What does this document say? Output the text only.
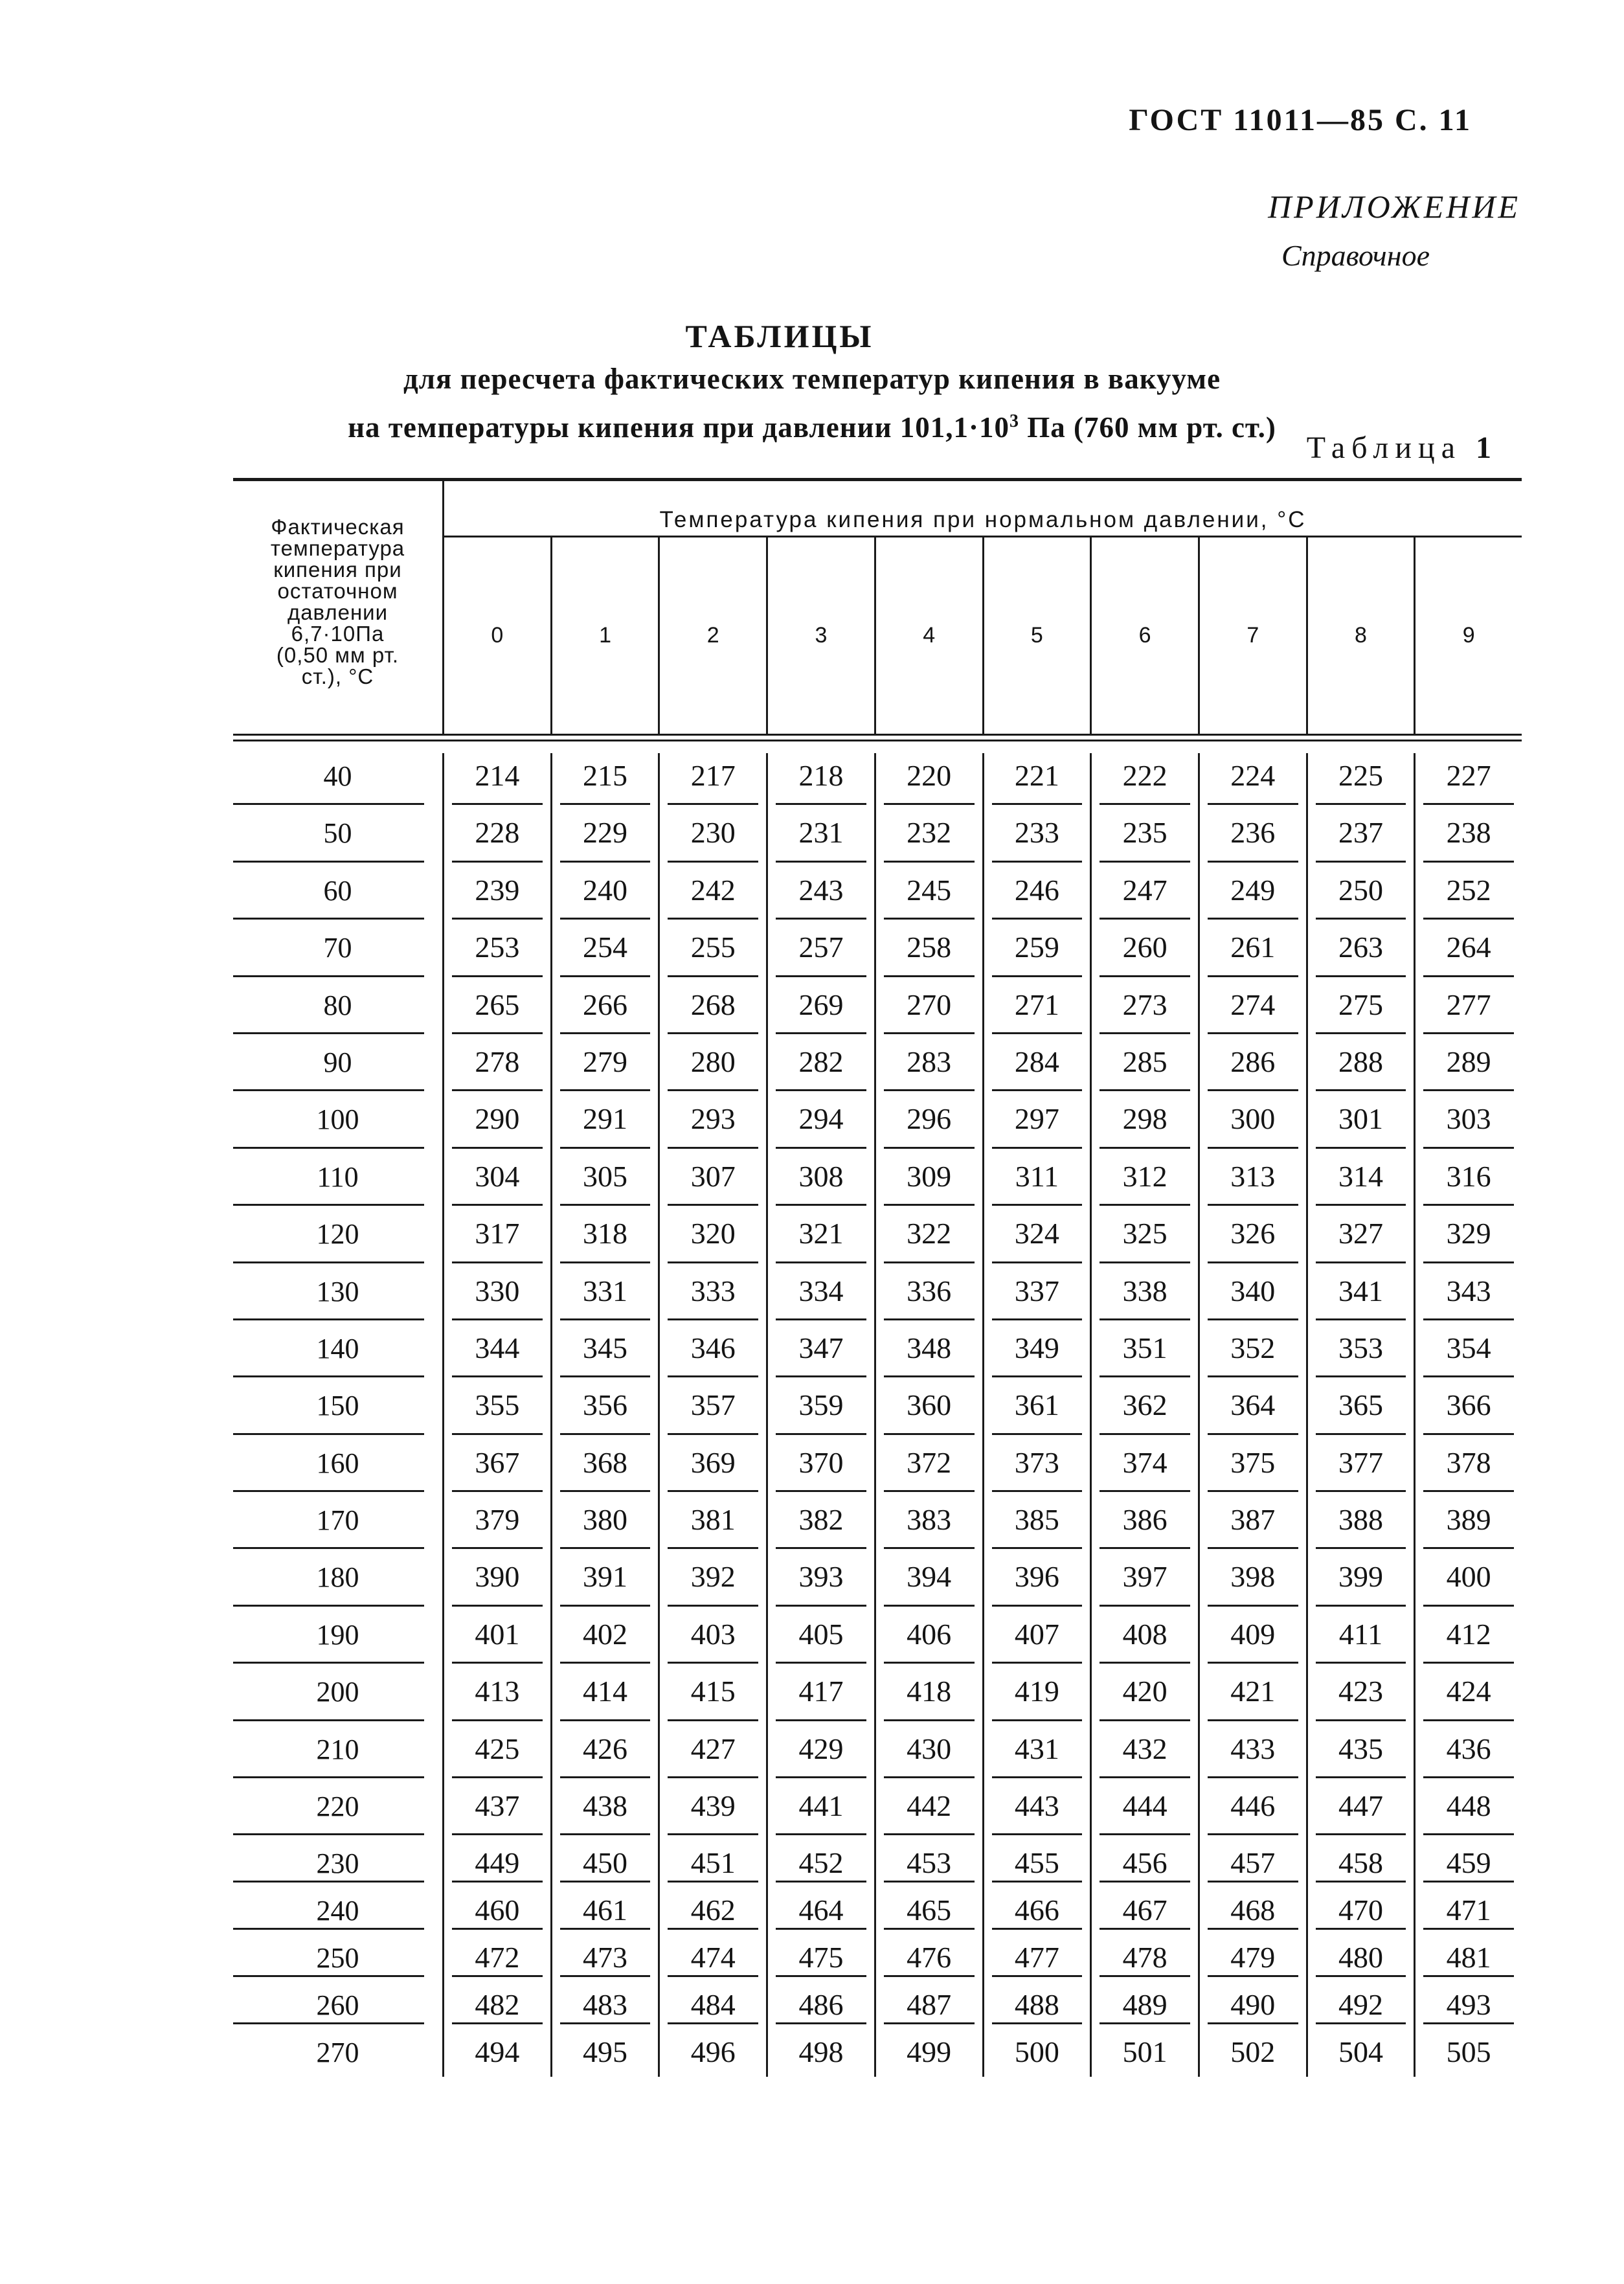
ГОСТ 11011—85 С. 11
ПРИЛОЖЕНИЕ
Справочное
ТАБЛИЦЫ
для пересчета фактических температур кипения в вакууме
на температуры кипения при давлении $101,1\cdot 10^3$ Па (760 мм рт. ст.)
Таблица 1
Фактическая
температура
кипения при
остаточном
давлении
6,7·10Па
(0,50 мм рт.
ст.), °С
Температура кипения при нормальном давлении, °С
0	1	2	3	4	5	6	7	8	9
40	214	215	217	218	220	221	222	224	225	227
50	228	229	230	231	232	233	235	236	237	238
60	239	240	242	243	245	246	247	249	250	252
70	253	254	255	257	258	259	260	261	263	264
80	265	266	268	269	270	271	273	274	275	277
90	278	279	280	282	283	284	285	286	288	289
100	290	291	293	294	296	297	298	300	301	303
110	304	305	307	308	309	311	312	313	314	316
120	317	318	320	321	322	324	325	326	327	329
130	330	331	333	334	336	337	338	340	341	343
140	344	345	346	347	348	349	351	352	353	354
150	355	356	357	359	360	361	362	364	365	366
160	367	368	369	370	372	373	374	375	377	378
170	379	380	381	382	383	385	386	387	388	389
180	390	391	392	393	394	396	397	398	399	400
190	401	402	403	405	406	407	408	409	411	412
200	413	414	415	417	418	419	420	421	423	424
210	425	426	427	429	430	431	432	433	435	436
220	437	438	439	441	442	443	444	446	447	448
230	449	450	451	452	453	455	456	457	458	459
240	460	461	462	464	465	466	467	468	470	471
250	472	473	474	475	476	477	478	479	480	481
260	482	483	484	486	487	488	489	490	492	493
270	494	495	496	498	499	500	501	502	504	505
